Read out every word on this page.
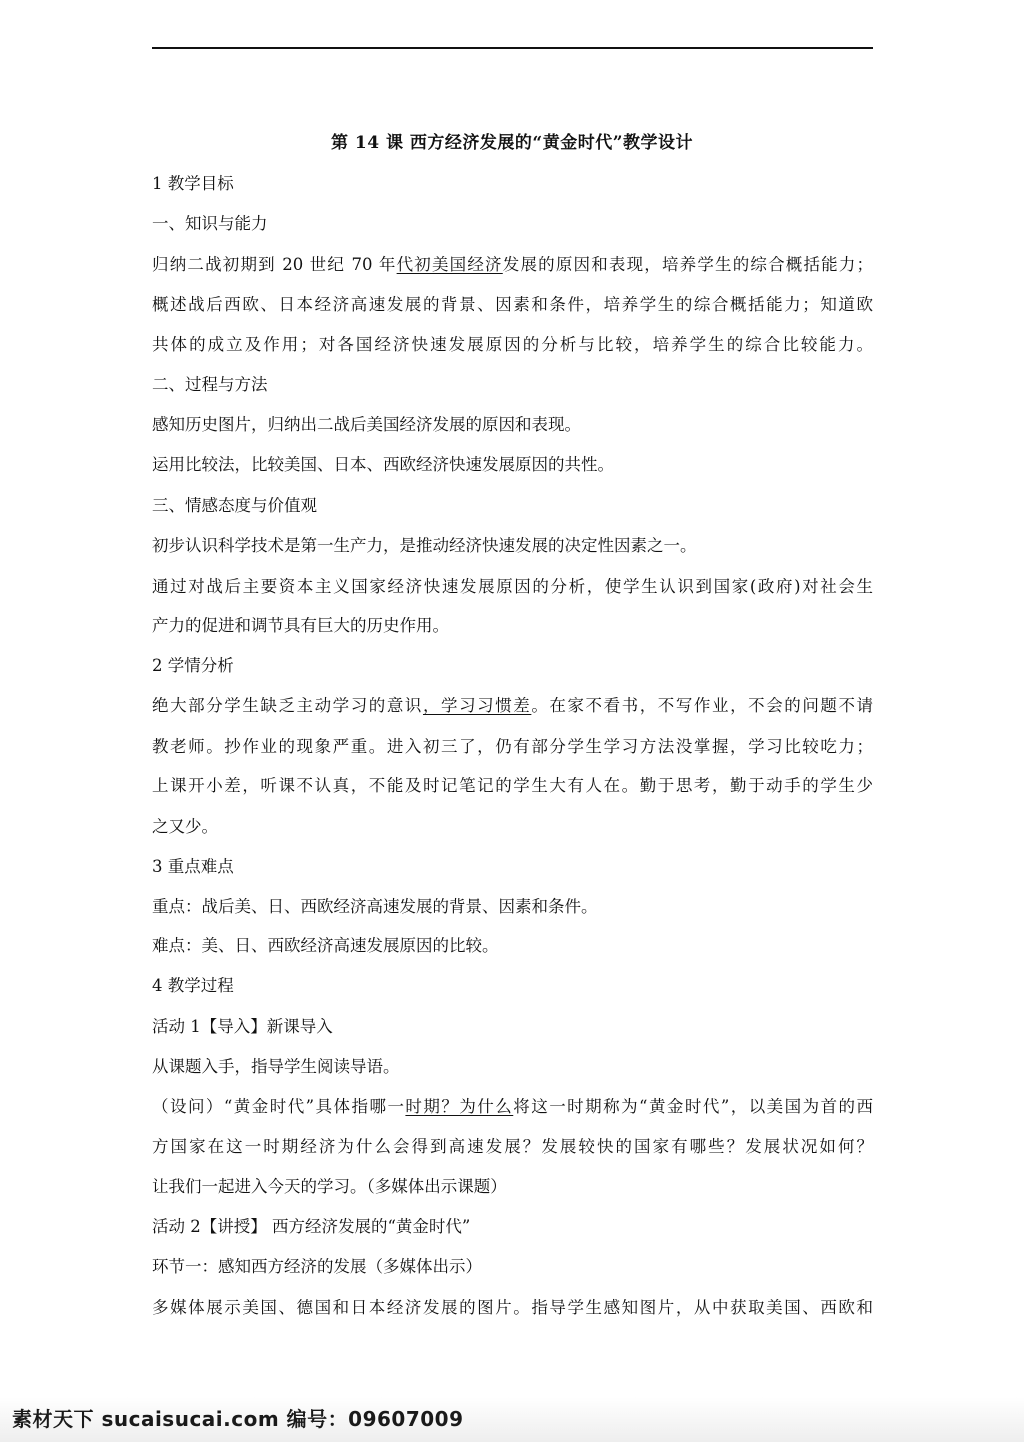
第 14 课 西方经济发展的“黄金时代”教学设计
1 教学目标
一、知识与能力
归纳二战初期到 20 世纪 70 年代初美国经济发展的原因和表现，培养学生的综合概括能力；
概述战后西欧、日本经济高速发展的背景、因素和条件，培养学生的综合概括能力；知道欧
共体的成立及作用；对各国经济快速发展原因的分析与比较，培养学生的综合比较能力。
二、过程与方法
感知历史图片，归纳出二战后美国经济发展的原因和表现。
运用比较法，比较美国、日本、西欧经济快速发展原因的共性。
三、情感态度与价值观
初步认识科学技术是第一生产力，是推动经济快速发展的决定性因素之一。
通过对战后主要资本主义国家经济快速发展原因的分析，使学生认识到国家(政府)对社会生
产力的促进和调节具有巨大的历史作用。
2 学情分析
绝大部分学生缺乏主动学习的意识，学习习惯差。在家不看书，不写作业，不会的问题不请
教老师。抄作业的现象严重。进入初三了，仍有部分学生学习方法没掌握，学习比较吃力；
上课开小差，听课不认真，不能及时记笔记的学生大有人在。勤于思考，勤于动手的学生少
之又少。
3 重点难点
重点：战后美、日、西欧经济高速发展的背景、因素和条件。
难点：美、日、西欧经济高速发展原因的比较。
4 教学过程
活动 1【导入】新课导入
从课题入手，指导学生阅读导语。
（设问）“黄金时代”具体指哪一时期？为什么将这一时期称为“黄金时代”，以美国为首的西
方国家在这一时期经济为什么会得到高速发展？发展较快的国家有哪些？发展状况如何？
让我们一起进入今天的学习。（多媒体出示课题）
活动 2【讲授】 西方经济发展的“黄金时代”
环节一：感知西方经济的发展（多媒体出示）
多媒体展示美国、德国和日本经济发展的图片。指导学生感知图片，从中获取美国、西欧和
素材天下 sucaisucai.com 编号：09607009
